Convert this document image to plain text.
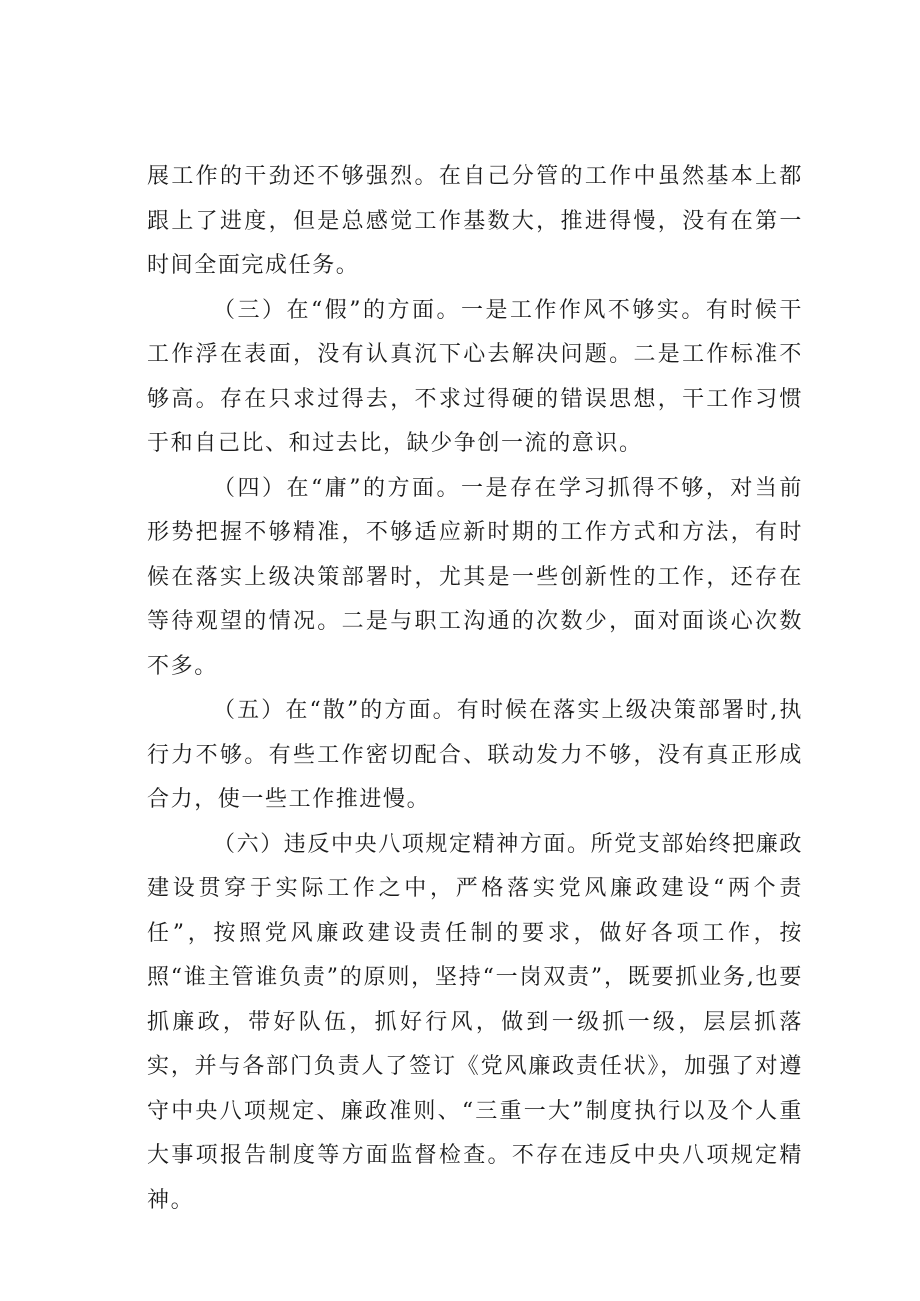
展工作的干劲还不够强烈。在自己分管的工作中虽然基本上都跟上了进度，但是总感觉工作基数大，推进得慢，没有在第一时间全面完成任务。

（三）在“假”的方面。一是工作作风不够实。有时候干工作浮在表面，没有认真沉下心去解决问题。二是工作标准不够高。存在只求过得去，不求过得硬的错误思想，干工作习惯于和自己比、和过去比，缺少争创一流的意识。

（四）在“庸”的方面。一是存在学习抓得不够，对当前形势把握不够精准，不够适应新时期的工作方式和方法，有时候在落实上级决策部署时，尤其是一些创新性的工作，还存在等待观望的情况。二是与职工沟通的次数少，面对面谈心次数不多。

（五）在“散”的方面。有时候在落实上级决策部署时,执行力不够。有些工作密切配合、联动发力不够，没有真正形成合力，使一些工作推进慢。

（六）违反中央八项规定精神方面。所党支部始终把廉政建设贯穿于实际工作之中，严格落实党风廉政建设“两个责任”，按照党风廉政建设责任制的要求，做好各项工作，按照“谁主管谁负责”的原则，坚持“一岗双责”，既要抓业务,也要抓廉政，带好队伍，抓好行风，做到一级抓一级，层层抓落实，并与各部门负责人了签订《党风廉政责任状》，加强了对遵守中央八项规定、廉政准则、“三重一大”制度执行以及个人重大事项报告制度等方面监督检查。不存在违反中央八项规定精神。
